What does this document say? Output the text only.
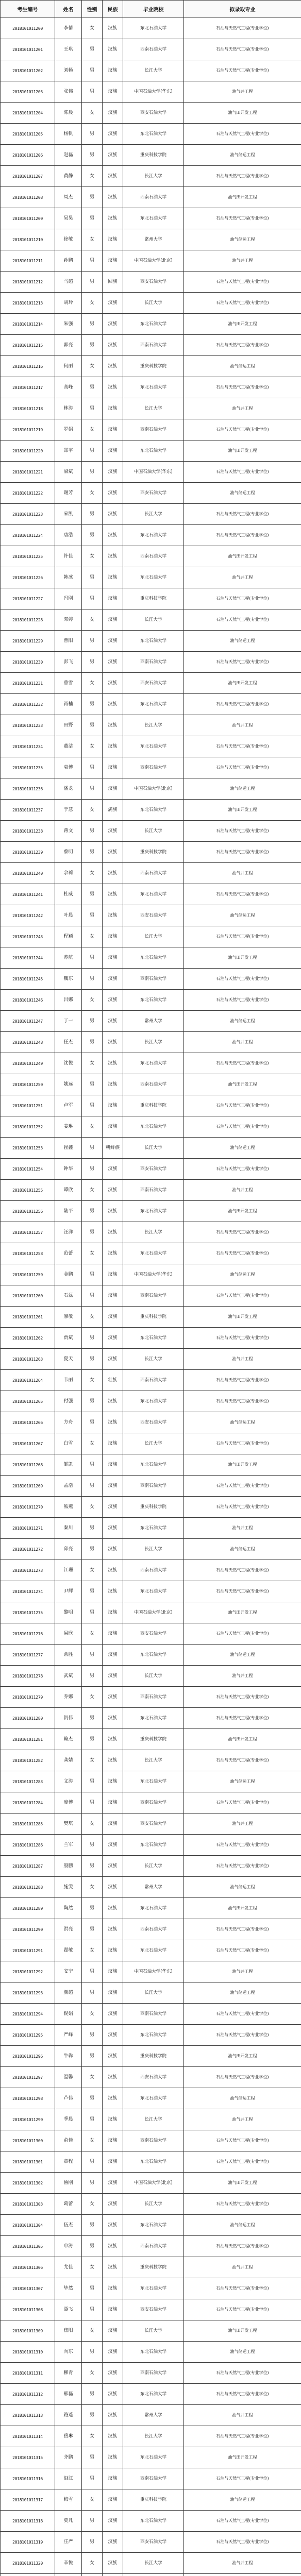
考生编号	姓名	性别	民族	毕业院校	拟录取专业
2018101011200	李倩	女	汉族	东北石油大学	石油与天然气工程(专业学位)
2018101011201	王琪	男	汉族	西南石油大学	石油与天然气工程(专业学位)
2018101011202	刘畅	男	汉族	长江大学	石油与天然气工程(专业学位)
2018101011203	张伟	男	汉族	中国石油大学(华东)	油气井工程
2018101011204	陈晨	女	汉族	西安石油大学	油气田开发工程
2018101011205	杨帆	男	汉族	东北石油大学	石油与天然气工程(专业学位)
2018101011206	赵磊	男	汉族	重庆科技学院	油气储运工程
2018101011207	黄静	女	汉族	长江大学	石油与天然气工程(专业学位)
2018101011208	周杰	男	汉族	西南石油大学	油气田开发工程
2018101011209	吴昊	男	汉族	东北石油大学	石油与天然气工程(专业学位)
2018101011210	徐敏	女	汉族	常州大学	油气储运工程
2018101011211	孙鹏	男	汉族	中国石油大学(北京)	油气井工程
2018101011212	马超	男	回族	西安石油大学	石油与天然气工程(专业学位)
2018101011213	胡玲	女	汉族	长江大学	石油与天然气工程(专业学位)
2018101011214	朱强	男	汉族	东北石油大学	油气田开发工程
2018101011215	郭亮	男	汉族	西南石油大学	石油与天然气工程(专业学位)
2018101011216	何丽	女	汉族	重庆科技学院	油气储运工程
2018101011217	高峰	男	汉族	东北石油大学	石油与天然气工程(专业学位)
2018101011218	林涛	男	汉族	长江大学	油气井工程
2018101011219	罗娟	女	汉族	西南石油大学	石油与天然气工程(专业学位)
2018101011220	郑宇	男	汉族	东北石油大学	油气田开发工程
2018101011221	梁斌	男	汉族	中国石油大学(华东)	石油与天然气工程(专业学位)
2018101011222	谢芳	女	汉族	西安石油大学	油气储运工程
2018101011223	宋凯	男	汉族	长江大学	石油与天然气工程(专业学位)
2018101011224	唐浩	男	汉族	东北石油大学	石油与天然气工程(专业学位)
2018101011225	许佳	女	汉族	西南石油大学	油气田开发工程
2018101011226	韩冰	男	汉族	东北石油大学	油气井工程
2018101011227	冯刚	男	汉族	重庆科技学院	石油与天然气工程(专业学位)
2018101011228	邓婷	女	汉族	长江大学	石油与天然气工程(专业学位)
2018101011229	曹阳	男	汉族	东北石油大学	油气储运工程
2018101011230	彭飞	男	汉族	西南石油大学	石油与天然气工程(专业学位)
2018101011231	曾雪	女	汉族	西安石油大学	油气田开发工程
2018101011232	肖楠	男	汉族	东北石油大学	石油与天然气工程(专业学位)
2018101011233	田野	男	汉族	长江大学	油气井工程
2018101011234	董洁	女	汉族	东北石油大学	石油与天然气工程(专业学位)
2018101011235	袁博	男	汉族	西南石油大学	石油与天然气工程(专业学位)
2018101011236	潘龙	男	汉族	中国石油大学(北京)	油气储运工程
2018101011237	于慧	女	满族	东北石油大学	油气田开发工程
2018101011238	蒋文	男	汉族	长江大学	石油与天然气工程(专业学位)
2018101011239	蔡明	男	汉族	重庆科技学院	石油与天然气工程(专业学位)
2018101011240	余莉	女	汉族	西南石油大学	油气井工程
2018101011241	杜威	男	汉族	东北石油大学	石油与天然气工程(专业学位)
2018101011242	叶晨	男	汉族	西安石油大学	油气储运工程
2018101011243	程颖	女	汉族	长江大学	石油与天然气工程(专业学位)
2018101011244	苏航	男	汉族	东北石油大学	油气田开发工程
2018101011245	魏东	男	汉族	西南石油大学	石油与天然气工程(专业学位)
2018101011246	吕娜	女	汉族	东北石油大学	石油与天然气工程(专业学位)
2018101011247	丁一	男	汉族	常州大学	油气储运工程
2018101011248	任杰	男	汉族	长江大学	油气井工程
2018101011249	沈悦	女	汉族	东北石油大学	石油与天然气工程(专业学位)
2018101011250	姚远	男	汉族	西南石油大学	油气田开发工程
2018101011251	卢军	男	汉族	重庆科技学院	石油与天然气工程(专业学位)
2018101011252	姜琳	女	汉族	东北石油大学	石油与天然气工程(专业学位)
2018101011253	崔鑫	男	朝鲜族	长江大学	油气储运工程
2018101011254	钟华	男	汉族	西安石油大学	石油与天然气工程(专业学位)
2018101011255	谭欣	女	汉族	西南石油大学	油气井工程
2018101011256	陆平	男	汉族	东北石油大学	油气田开发工程
2018101011257	汪洋	男	汉族	长江大学	石油与天然气工程(专业学位)
2018101011258	范蕾	女	汉族	东北石油大学	石油与天然气工程(专业学位)
2018101011259	金鹏	男	汉族	中国石油大学(华东)	油气储运工程
2018101011260	石磊	男	汉族	西南石油大学	石油与天然气工程(专业学位)
2018101011261	廖敏	女	汉族	重庆科技学院	油气田开发工程
2018101011262	贾斌	男	汉族	东北石油大学	石油与天然气工程(专业学位)
2018101011263	夏天	男	汉族	长江大学	油气井工程
2018101011264	韦丽	女	壮族	西南石油大学	石油与天然气工程(专业学位)
2018101011265	付强	男	汉族	东北石油大学	石油与天然气工程(专业学位)
2018101011266	方舟	男	汉族	西安石油大学	油气储运工程
2018101011267	白雪	女	汉族	长江大学	石油与天然气工程(专业学位)
2018101011268	邹凯	男	汉族	东北石油大学	油气田开发工程
2018101011269	孟浩	男	汉族	西南石油大学	石油与天然气工程(专业学位)
2018101011270	熊燕	女	汉族	重庆科技学院	石油与天然气工程(专业学位)
2018101011271	秦川	男	汉族	东北石油大学	油气井工程
2018101011272	邱亮	男	汉族	长江大学	油气储运工程
2018101011273	江珊	女	汉族	西南石油大学	石油与天然气工程(专业学位)
2018101011274	尹辉	男	汉族	东北石油大学	石油与天然气工程(专业学位)
2018101011275	黎明	男	汉族	中国石油大学(北京)	油气田开发工程
2018101011276	易欣	女	汉族	西安石油大学	石油与天然气工程(专业学位)
2018101011277	常胜	男	汉族	东北石油大学	油气储运工程
2018101011278	武斌	男	汉族	长江大学	油气井工程
2018101011279	乔娜	女	汉族	西南石油大学	石油与天然气工程(专业学位)
2018101011280	贺伟	男	汉族	东北石油大学	石油与天然气工程(专业学位)
2018101011281	赖杰	男	汉族	重庆科技学院	油气田开发工程
2018101011282	龚婧	女	汉族	长江大学	石油与天然气工程(专业学位)
2018101011283	文涛	男	汉族	东北石油大学	油气储运工程
2018101011284	庞博	男	汉族	西南石油大学	石油与天然气工程(专业学位)
2018101011285	樊琪	女	汉族	西安石油大学	油气井工程
2018101011286	兰军	男	汉族	东北石油大学	石油与天然气工程(专业学位)
2018101011287	殷鹏	男	汉族	长江大学	石油与天然气工程(专业学位)
2018101011288	施雯	女	汉族	常州大学	油气储运工程
2018101011289	陶然	男	汉族	东北石油大学	油气田开发工程
2018101011290	洪亮	男	汉族	西南石油大学	石油与天然气工程(专业学位)
2018101011291	翟敏	女	汉族	东北石油大学	石油与天然气工程(专业学位)
2018101011292	安宁	男	汉族	中国石油大学(华东)	油气井工程
2018101011293	颜超	男	汉族	长江大学	油气储运工程
2018101011294	倪娟	女	汉族	西南石油大学	石油与天然气工程(专业学位)
2018101011295	严峰	男	汉族	东北石油大学	石油与天然气工程(专业学位)
2018101011296	牛犇	男	汉族	重庆科技学院	油气田开发工程
2018101011297	温馨	女	汉族	西安石油大学	石油与天然气工程(专业学位)
2018101011298	芦伟	男	汉族	东北石油大学	油气储运工程
2018101011299	季晨	男	汉族	长江大学	油气井工程
2018101011300	俞佳	女	汉族	西南石油大学	石油与天然气工程(专业学位)
2018101011301	章程	男	汉族	东北石油大学	石油与天然气工程(专业学位)
2018101011302	鲁刚	男	汉族	中国石油大学(北京)	油气田开发工程
2018101011303	葛蕾	女	汉族	长江大学	石油与天然气工程(专业学位)
2018101011304	伍杰	男	汉族	东北石油大学	油气储运工程
2018101011305	申涛	男	汉族	西南石油大学	石油与天然气工程(专业学位)
2018101011306	尤佳	女	汉族	重庆科技学院	油气井工程
2018101011307	毕然	男	汉族	东北石油大学	石油与天然气工程(专业学位)
2018101011308	聂飞	男	汉族	西安石油大学	石油与天然气工程(专业学位)
2018101011309	焦阳	女	汉族	长江大学	油气田开发工程
2018101011310	向东	男	汉族	东北石油大学	油气储运工程
2018101011311	柳青	女	汉族	西南石油大学	石油与天然气工程(专业学位)
2018101011312	邢磊	男	汉族	东北石油大学	石油与天然气工程(专业学位)
2018101011313	路遥	男	汉族	常州大学	油气井工程
2018101011314	岳琳	女	汉族	长江大学	石油与天然气工程(专业学位)
2018101011315	齐鹏	男	汉族	东北石油大学	油气田开发工程
2018101011316	沿江	男	汉族	西南石油大学	石油与天然气工程(专业学位)
2018101011317	梅雪	女	汉族	重庆科技学院	油气储运工程
2018101011318	莫凡	男	汉族	东北石油大学	石油与天然气工程(专业学位)
2018101011319	庄严	男	汉族	西安石油大学	石油与天然气工程(专业学位)
2018101011320	辛悦	女	汉族	长江大学	油气井工程
